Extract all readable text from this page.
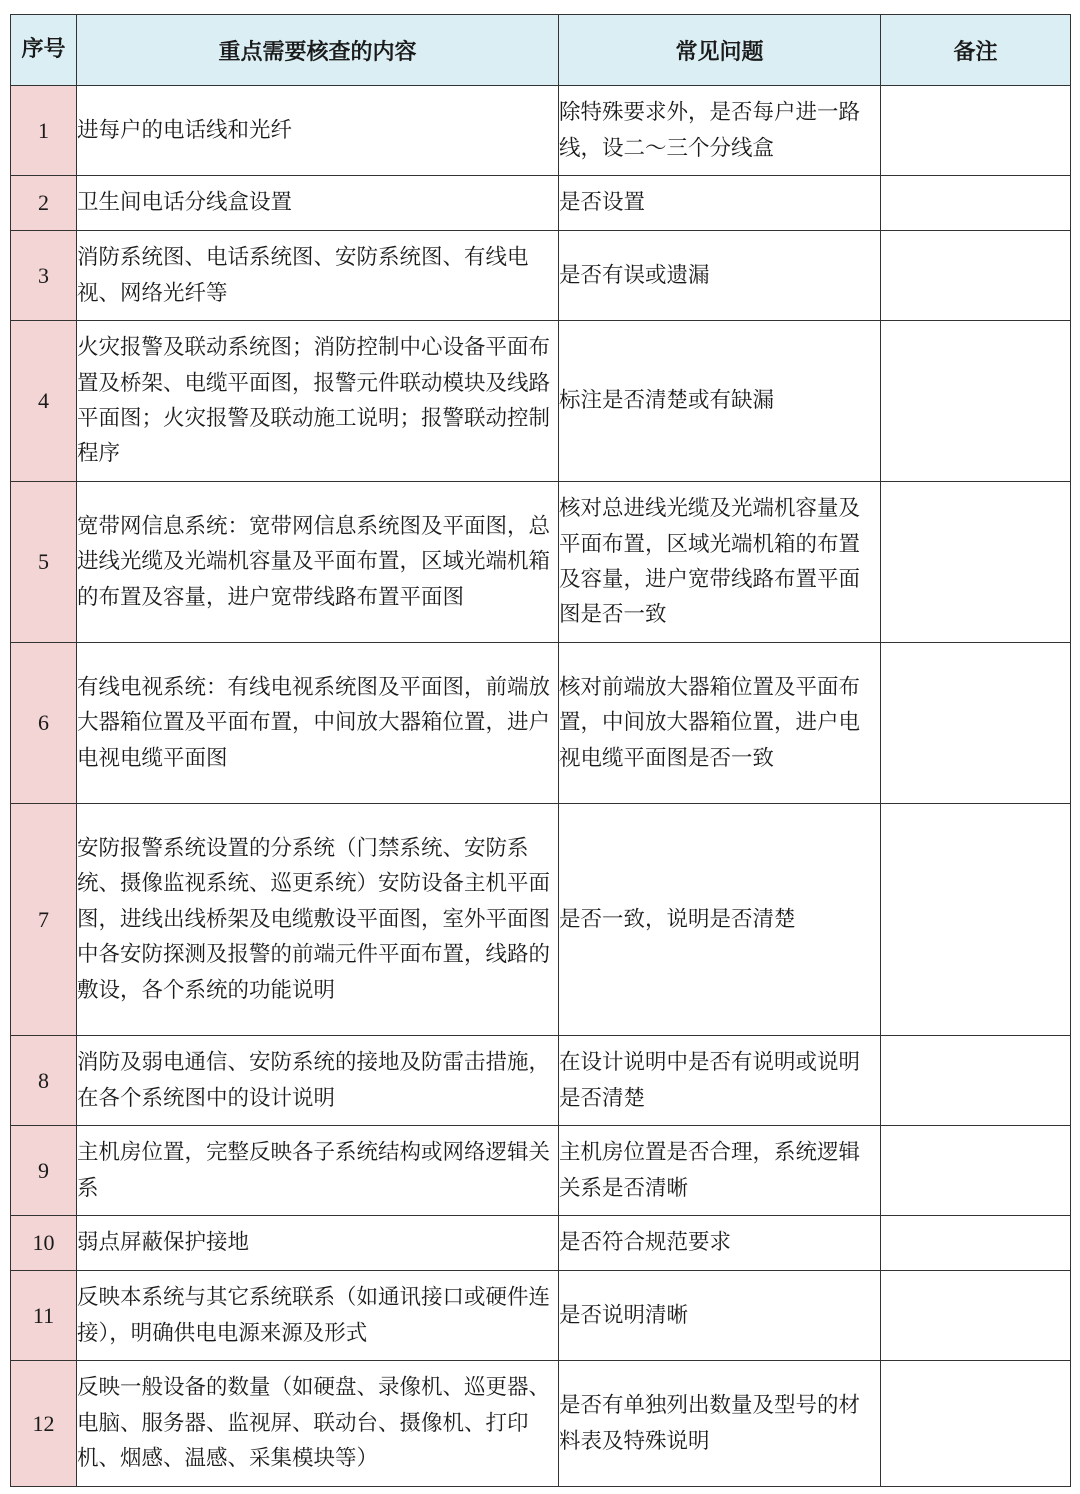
序号	重点需要核查的内容	常见问题	备注
1	进每户的电话线和光纤	除特殊要求外，是否每户进一路线，设二～三个分线盒	
2	卫生间电话分线盒设置	是否设置	
3	消防系统图、电话系统图、安防系统图、有线电视、网络光纤等	是否有误或遗漏	
4	火灾报警及联动系统图；消防控制中心设备平面布置及桥架、电缆平面图，报警元件联动模块及线路平面图；火灾报警及联动施工说明；报警联动控制程序	标注是否清楚或有缺漏	
5	宽带网信息系统：宽带网信息系统图及平面图，总进线光缆及光端机容量及平面布置，区域光端机箱的布置及容量，进户宽带线路布置平面图	核对总进线光缆及光端机容量及平面布置，区域光端机箱的布置及容量，进户宽带线路布置平面图是否一致	
6	有线电视系统：有线电视系统图及平面图，前端放大器箱位置及平面布置，中间放大器箱位置，进户电视电缆平面图	核对前端放大器箱位置及平面布置，中间放大器箱位置，进户电视电缆平面图是否一致	
7	安防报警系统设置的分系统（门禁系统、安防系统、摄像监视系统、巡更系统）安防设备主机平面图，进线出线桥架及电缆敷设平面图，室外平面图中各安防探测及报警的前端元件平面布置，线路的敷设，各个系统的功能说明	是否一致，说明是否清楚	
8	消防及弱电通信、安防系统的接地及防雷击措施，在各个系统图中的设计说明	在设计说明中是否有说明或说明是否清楚	
9	主机房位置，完整反映各子系统结构或网络逻辑关系	主机房位置是否合理，系统逻辑关系是否清晰	
10	弱点屏蔽保护接地	是否符合规范要求	
11	反映本系统与其它系统联系（如通讯接口或硬件连接），明确供电电源来源及形式	是否说明清晰	
12	反映一般设备的数量（如硬盘、录像机、巡更器、电脑、服务器、监视屏、联动台、摄像机、打印机、烟感、温感、采集模块等）	是否有单独列出数量及型号的材料表及特殊说明	
